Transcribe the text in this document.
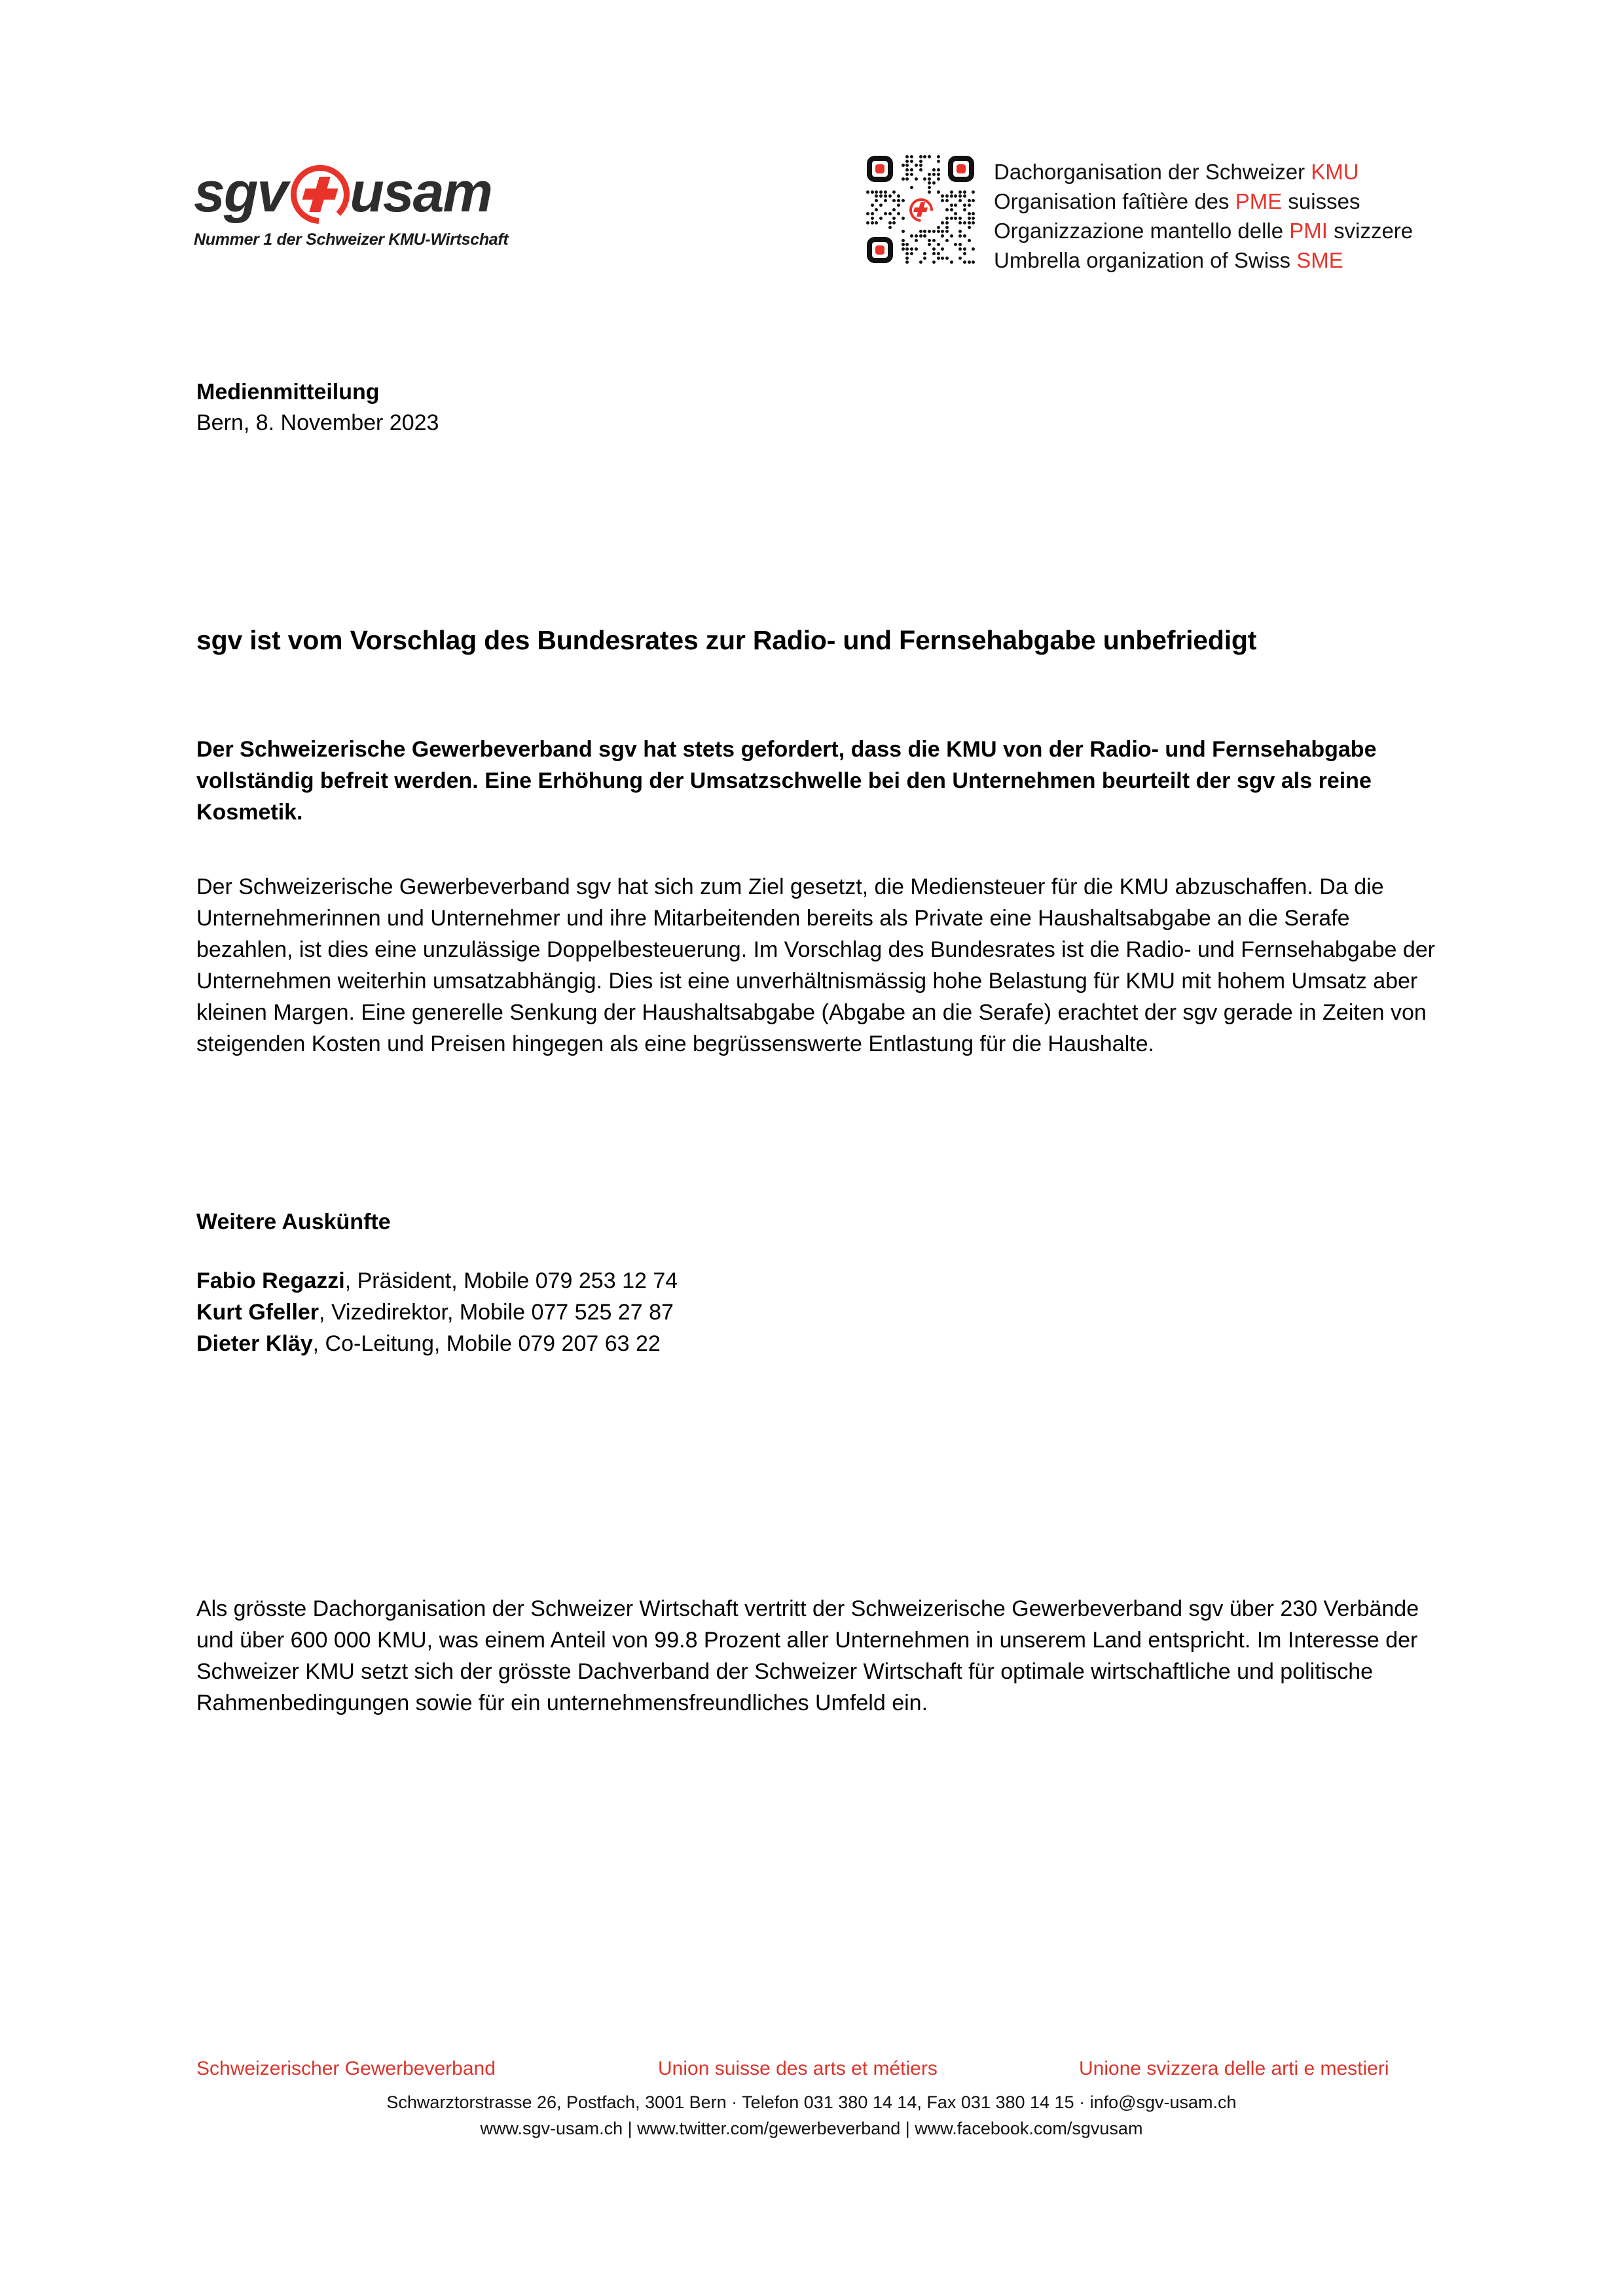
sgv usam
Nummer 1 der Schweizer KMU-Wirtschaft
Dachorganisation der Schweizer KMU
Organisation faîtière des PME suisses
Organizzazione mantello delle PMI svizzere
Umbrella organization of Swiss SME
Medienmitteilung
Bern, 8. November 2023
sgv ist vom Vorschlag des Bundesrates zur Radio- und Fernsehabgabe unbefriedigt

Der Schweizerische Gewerbeverband sgv hat stets gefordert, dass die KMU von der Radio- und Fernsehabgabe vollständig befreit werden. Eine Erhöhung der Umsatzschwelle bei den Unternehmen beurteilt der sgv als reine Kosmetik.

Der Schweizerische Gewerbeverband sgv hat sich zum Ziel gesetzt, die Mediensteuer für die KMU abzuschaffen. Da die Unternehmerinnen und Unternehmer und ihre Mitarbeitenden bereits als Private eine Haushaltsabgabe an die Serafe bezahlen, ist dies eine unzulässige Doppelbesteuerung. Im Vorschlag des Bundesrates ist die Radio- und Fernsehabgabe der Unternehmen weiterhin umsatzabhängig. Dies ist eine unverhältnismässig hohe Belastung für KMU mit hohem Umsatz aber kleinen Margen. Eine generelle Senkung der Haushaltsabgabe (Abgabe an die Serafe) erachtet der sgv gerade in Zeiten von steigenden Kosten und Preisen hingegen als eine begrüssenswerte Entlastung für die Haushalte.

Weitere Auskünfte
Fabio Regazzi, Präsident, Mobile 079 253 12 74
Kurt Gfeller, Vizedirektor, Mobile 077 525 27 87
Dieter Kläy, Co-Leitung, Mobile 079 207 63 22

Als grösste Dachorganisation der Schweizer Wirtschaft vertritt der Schweizerische Gewerbeverband sgv über 230 Verbände und über 600 000 KMU, was einem Anteil von 99.8 Prozent aller Unternehmen in unserem Land entspricht. Im Interesse der Schweizer KMU setzt sich der grösste Dachverband der Schweizer Wirtschaft für optimale wirtschaftliche und politische Rahmenbedingungen sowie für ein unternehmensfreundliches Umfeld ein.

Schweizerischer Gewerbeverband	Union suisse des arts et métiers	Unione svizzera delle arti e mestieri
Schwarztorstrasse 26, Postfach, 3001 Bern · Telefon 031 380 14 14, Fax 031 380 14 15 · info@sgv-usam.ch
www.sgv-usam.ch | www.twitter.com/gewerbeverband | www.facebook.com/sgvusam
